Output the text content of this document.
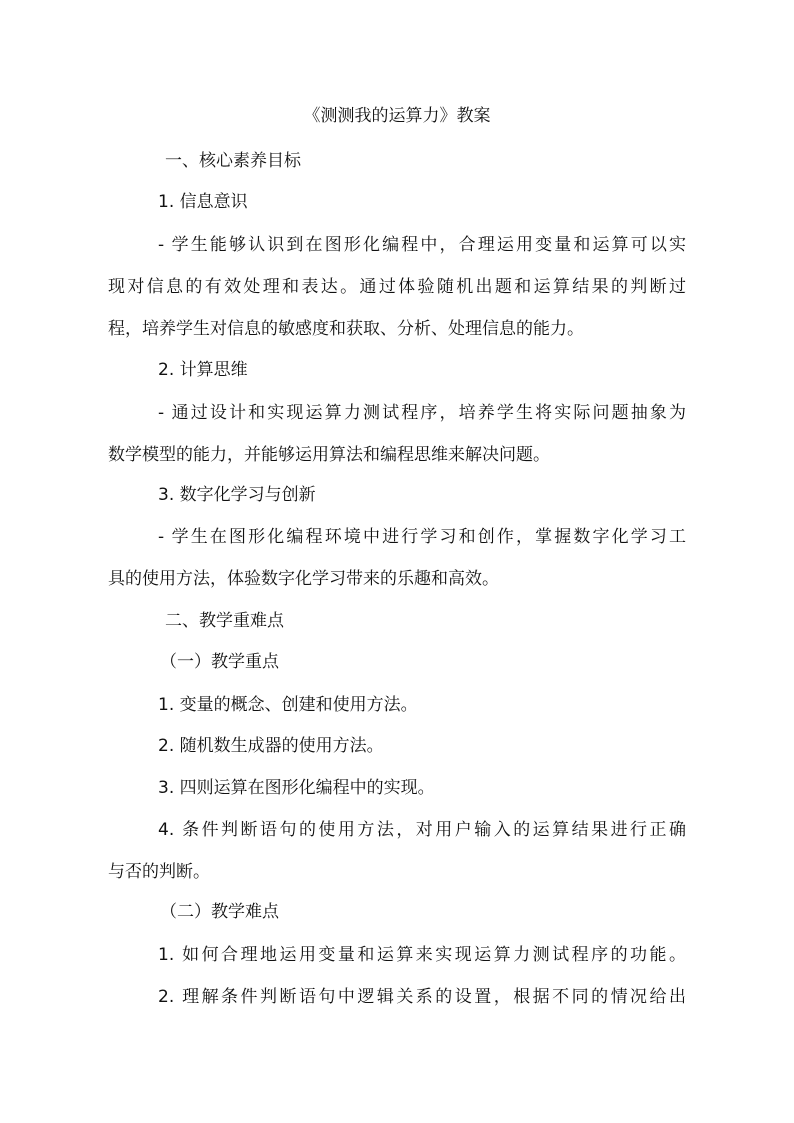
《测测我的运算力》教案
一、核心素养目标
1. 信息意识
- 学生能够认识到在图形化编程中，合理运用变量和运算可以实
现对信息的有效处理和表达。通过体验随机出题和运算结果的判断过
程，培养学生对信息的敏感度和获取、分析、处理信息的能力。
2. 计算思维
- 通过设计和实现运算力测试程序，培养学生将实际问题抽象为
数学模型的能力，并能够运用算法和编程思维来解决问题。
3. 数字化学习与创新
- 学生在图形化编程环境中进行学习和创作，掌握数字化学习工
具的使用方法，体验数字化学习带来的乐趣和高效。
二、教学重难点
（一）教学重点
1. 变量的概念、创建和使用方法。
2. 随机数生成器的使用方法。
3. 四则运算在图形化编程中的实现。
4. 条件判断语句的使用方法，对用户输入的运算结果进行正确
与否的判断。
（二）教学难点
1. 如何合理地运用变量和运算来实现运算力测试程序的功能。
2. 理解条件判断语句中逻辑关系的设置，根据不同的情况给出
